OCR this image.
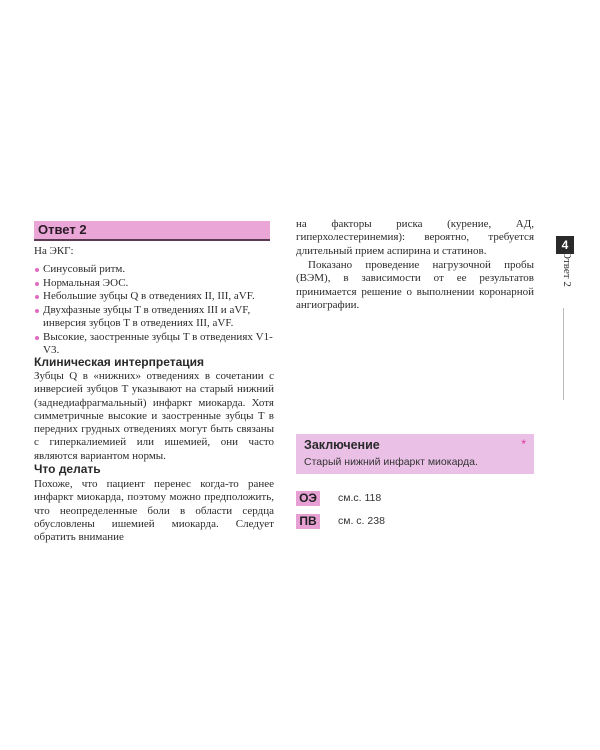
Ответ 2
На ЭКГ:
Синусовый ритм.
Нормальная ЭОС.
Небольшие зубцы Q в отведениях II, III, aVF.
Двухфазные зубцы T в отведениях III и aVF, инверсия зубцов T в отведениях III, aVF.
Высокие, заостренные зубцы T в отведениях V1-V3.
Клиническая интерпретация
Зубцы Q в «нижних» отведениях в сочетании с инверсией зубцов T указывают на старый нижний (заднедиафрагмальный) инфаркт миокарда. Хотя симметричные высокие и заостренные зубцы T в передних грудных отведениях могут быть связаны с гиперкалиемией или ишемией, они часто являются вариантом нормы.
Что делать
Похоже, что пациент перенес когда-то ранее инфаркт миокарда, поэтому можно предположить, что неопределенные боли в области сердца обусловлены ишемией миокарда. Следует обратить внимание
на факторы риска (курение, АД, гиперхолестеринемия): вероятно, требуется длительный прием аспирина и статинов.
Показано проведение нагрузочной пробы (ВЭМ), в зависимости от ее результатов принимается решение о выполнении коронарной ангиографии.
Заключение
Старый нижний инфаркт миокарда.
*
ОЭ см.с. 118
ПВ	см. с. 238
4
Ответ 2
